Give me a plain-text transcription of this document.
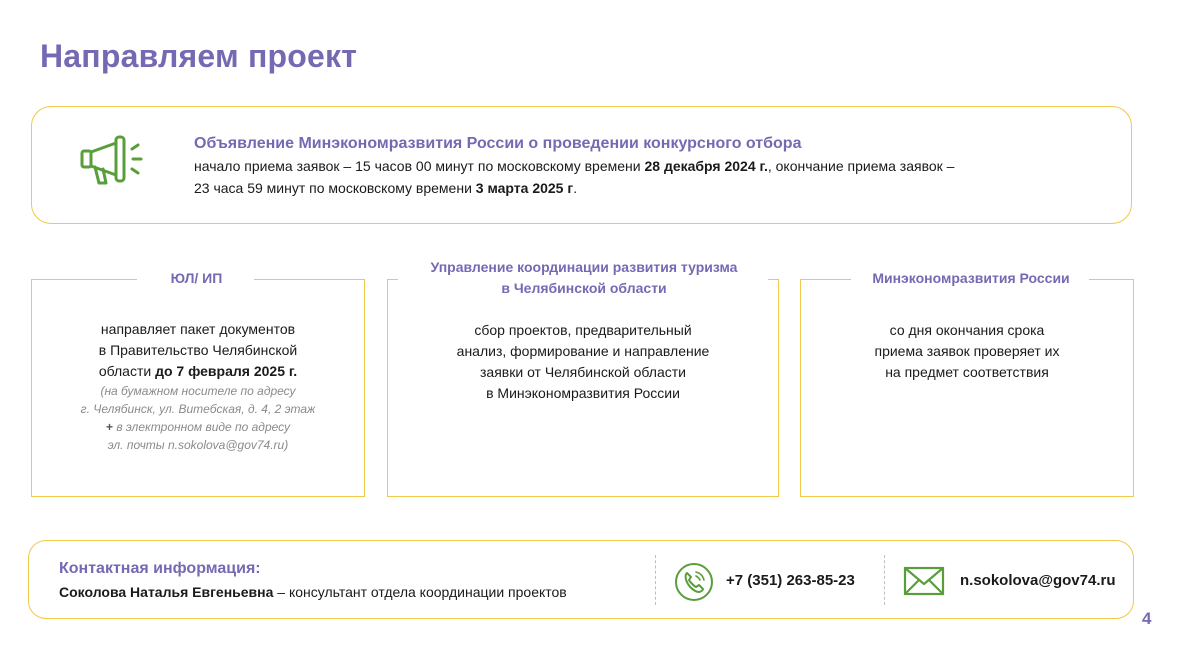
Направляем проект
Объявление Минэкономразвития России о проведении конкурсного отбора
начало приема заявок – 15 часов 00 минут по московскому времени 28 декабря 2024 г., окончание приема заявок –
23 часа 59 минут по московскому времени 3 марта 2025 г.
ЮЛ/ ИП
направляет пакет документов
в Правительство Челябинской
области до 7 февраля 2025 г.
(на бумажном носителе по адресу
г. Челябинск, ул. Витебская, д. 4, 2 этаж
+ в электронном виде по адресу
эл. почты n.sokolova@gov74.ru)
Управление координации развития туризма
в Челябинской области
сбор проектов, предварительный
анализ, формирование и направление
заявки от Челябинской области
в Минэкономразвития России
Минэкономразвития России
со дня окончания срока
приема заявок проверяет их
на предмет соответствия
Контактная информация:
Соколова Наталья Евгеньевна – консультант отдела координации проектов
+7 (351) 263-85-23	n.sokolova@gov74.ru
4
